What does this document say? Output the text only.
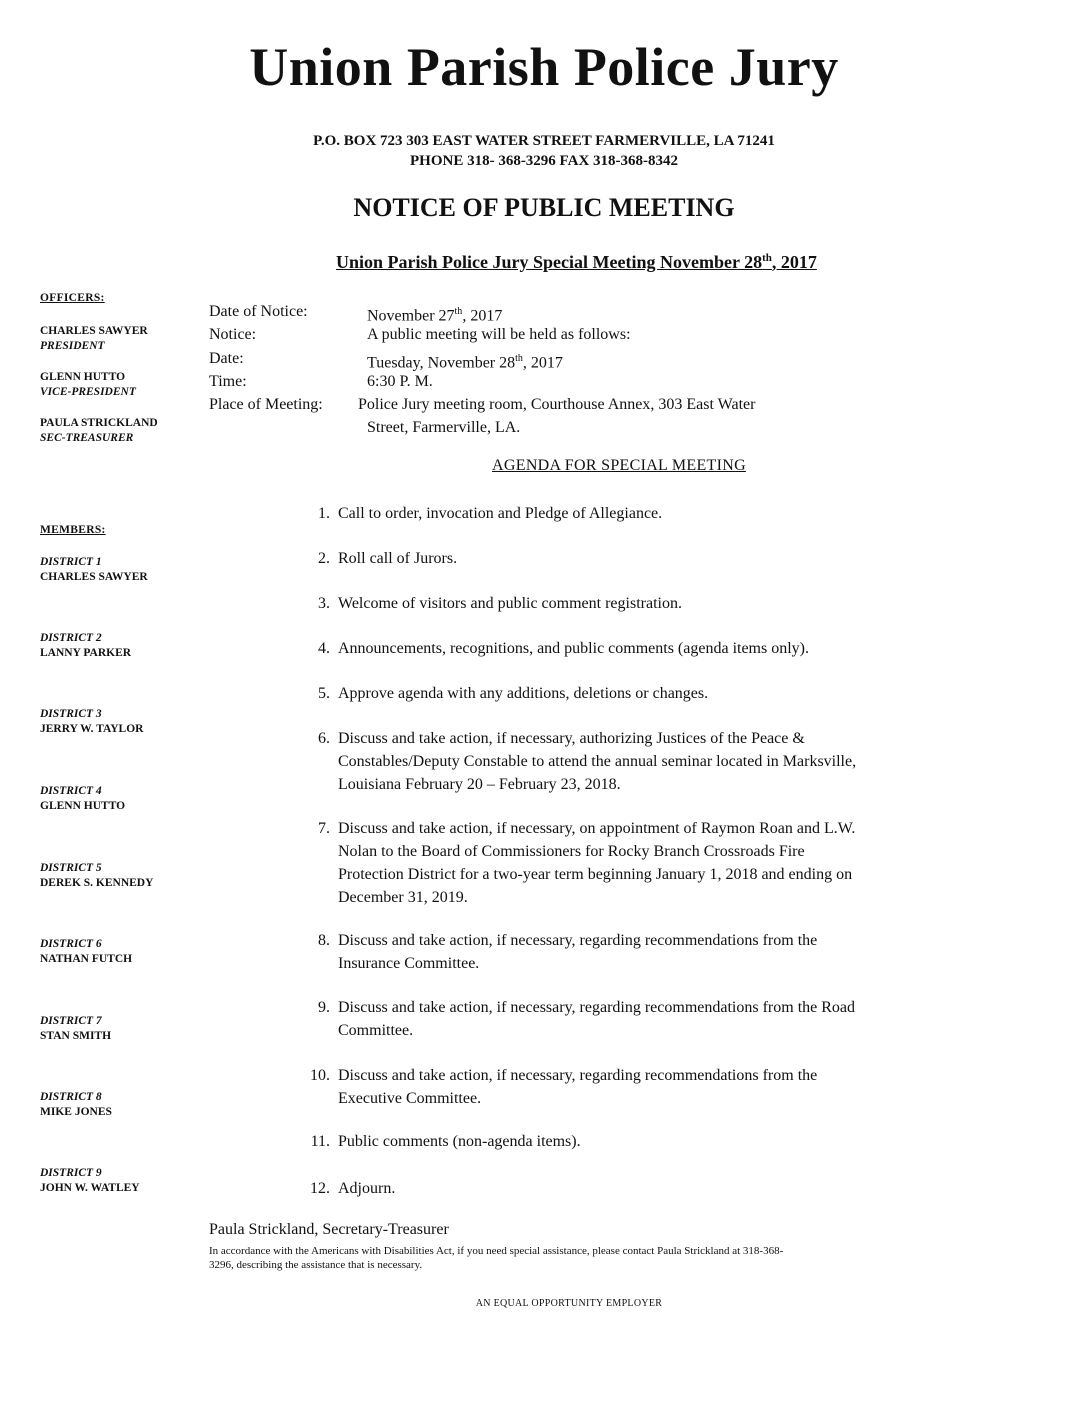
Union Parish Police Jury
P.O. BOX 723 303 EAST WATER STREET FARMERVILLE, LA 71241
PHONE 318- 368-3296 FAX 318-368-8342
NOTICE OF PUBLIC MEETING
Union Parish Police Jury Special Meeting November 28th, 2017
OFFICERS:
CHARLES SAWYER
PRESIDENT
GLENN HUTTO
VICE-PRESIDENT
PAULA STRICKLAND
SEC-TREASURER
MEMBERS:
DISTRICT 1
CHARLES SAWYER
DISTRICT 2
LANNY PARKER
DISTRICT 3
JERRY W. TAYLOR
DISTRICT 4
GLENN HUTTO
DISTRICT 5
DEREK S. KENNEDY
DISTRICT 6
NATHAN FUTCH
DISTRICT 7
STAN SMITH
DISTRICT 8
MIKE JONES
DISTRICT 9
JOHN W. WATLEY
Date of Notice:	November 27th, 2017
Notice:	A public meeting will be held as follows:
Date:	Tuesday, November 28th, 2017
Time:	6:30 P. M.
Place of Meeting: Police Jury meeting room, Courthouse Annex, 303 East Water
Street, Farmerville, LA.
AGENDA FOR SPECIAL MEETING
1. Call to order, invocation and Pledge of Allegiance.
2. Roll call of Jurors.
3. Welcome of visitors and public comment registration.
4. Announcements, recognitions, and public comments (agenda items only).
5. Approve agenda with any additions, deletions or changes.
6. Discuss and take action, if necessary, authorizing Justices of the Peace &
Constables/Deputy Constable to attend the annual seminar located in Marksville,
Louisiana February 20 – February 23, 2018.
7. Discuss and take action, if necessary, on appointment of Raymon Roan and L.W.
Nolan to the Board of Commissioners for Rocky Branch Crossroads Fire
Protection District for a two-year term beginning January 1, 2018 and ending on
December 31, 2019.
8. Discuss and take action, if necessary, regarding recommendations from the
Insurance Committee.
9. Discuss and take action, if necessary, regarding recommendations from the Road
Committee.
10. Discuss and take action, if necessary, regarding recommendations from the
Executive Committee.
11. Public comments (non-agenda items).
12. Adjourn.
Paula Strickland, Secretary-Treasurer
In accordance with the Americans with Disabilities Act, if you need special assistance, please contact Paula Strickland at 318-368-
3296, describing the assistance that is necessary.
AN EQUAL OPPORTUNITY EMPLOYER
